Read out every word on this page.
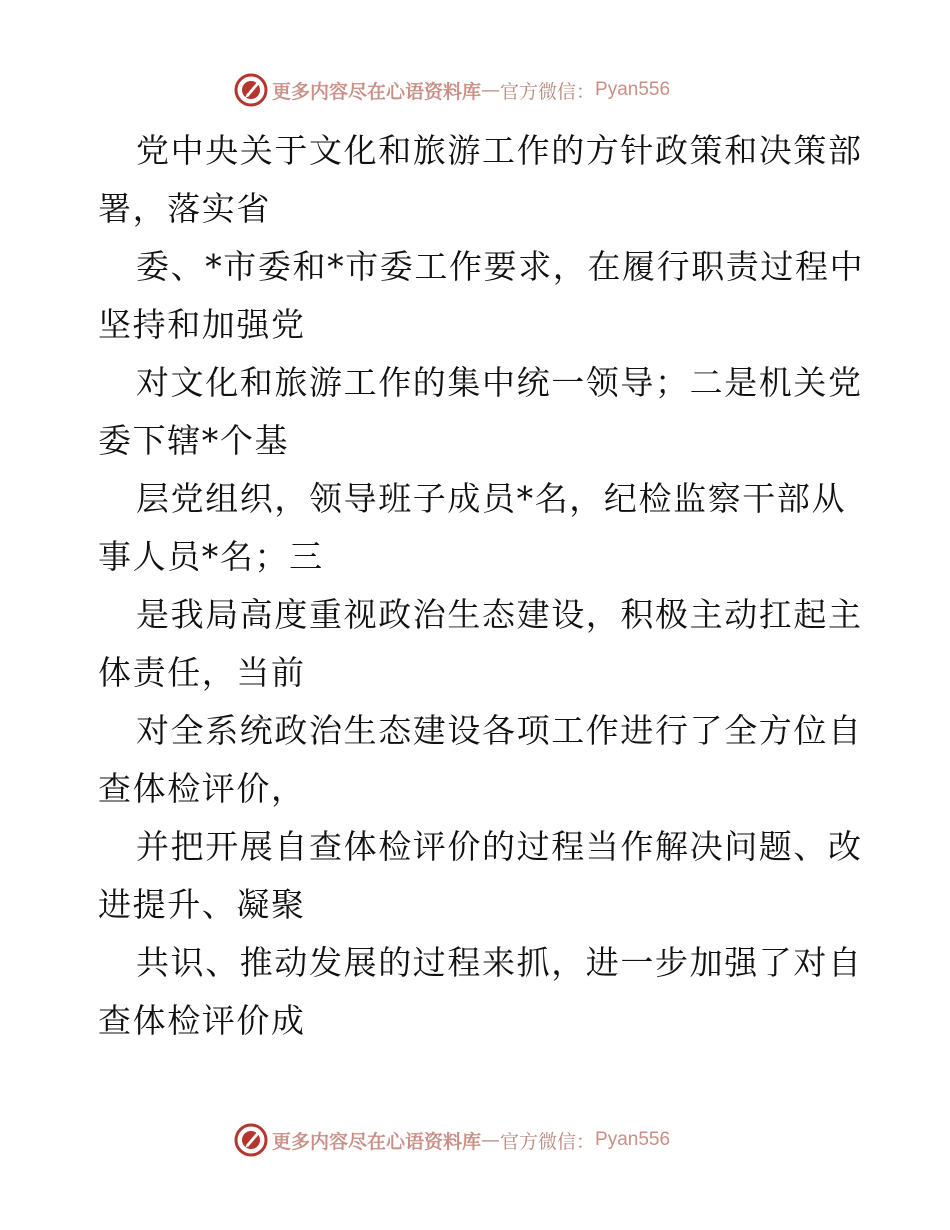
更多内容尽在心语资料库 — 官方微信： Pyan556
党中央关于文化和旅游工作的方针政策和决策部
署，落实省
委、*市委和*市委工作要求，在履行职责过程中
坚持和加强党
对文化和旅游工作的集中统一领导；二是机关党
委下辖*个基
层党组织，领导班子成员*名，纪检监察干部从
事人员*名；三
是我局高度重视政治生态建设，积极主动扛起主
体责任，当前
对全系统政治生态建设各项工作进行了全方位自
查体检评价，
并把开展自查体检评价的过程当作解决问题、改
进提升、凝聚
共识、推动发展的过程来抓，进一步加强了对自
查体检评价成
更多内容尽在心语资料库 — 官方微信： Pyan556
